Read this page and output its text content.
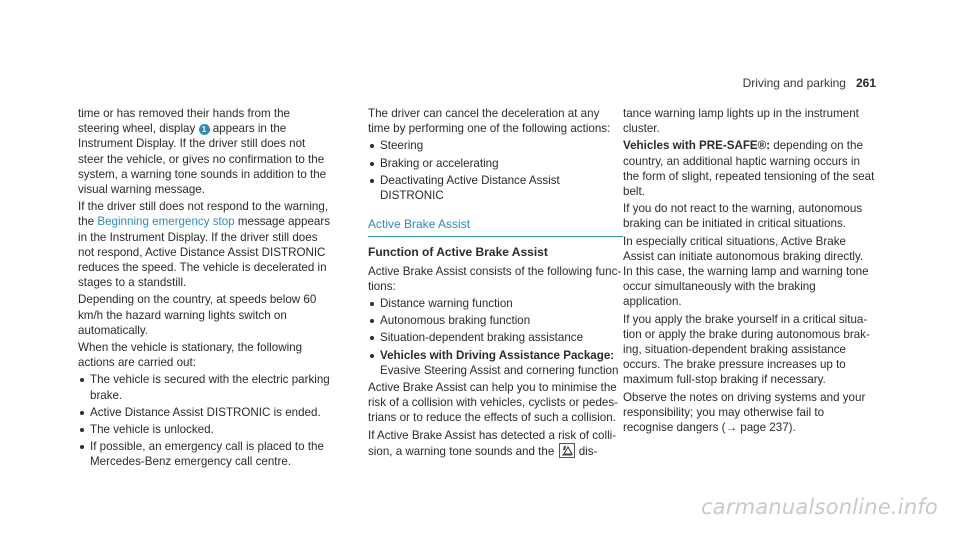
Driving and parking 261

time or has removed their hands from the steering wheel, display 1 appears in the Instrument Display. If the driver still does not steer the vehicle, or gives no confirmation to the system, a warning tone sounds in addition to the visual warning message.

If the driver still does not respond to the warning, the Beginning emergency stop message appears in the Instrument Display. If the driver still does not respond, Active Distance Assist DISTRONIC reduces the speed. The vehicle is decelerated in stages to a standstill.

Depending on the country, at speeds below 60 km/h the hazard warning lights switch on automatically.

When the vehicle is stationary, the following actions are carried out:

The vehicle is secured with the electric parking brake.
Active Distance Assist DISTRONIC is ended.
The vehicle is unlocked.
If possible, an emergency call is placed to the Mercedes-Benz emergency call centre.

The driver can cancel the deceleration at any time by performing one of the following actions:

Steering
Braking or accelerating
Deactivating Active Distance Assist DISTRONIC
Active Brake Assist
Function of Active Brake Assist

Active Brake Assist consists of the following functions:

Distance warning function
Autonomous braking function
Situation-dependent braking assistance
Vehicles with Driving Assistance Package: Evasive Steering Assist and cornering function

Active Brake Assist can help you to minimise the risk of a collision with vehicles, cyclists or pedestrians or to reduce the effects of such a collision.

If Active Brake Assist has detected a risk of collision, a warning tone sounds and the
dis-

tance warning lamp lights up in the instrument cluster.

Vehicles with PRE-SAFE®: depending on the country, an additional haptic warning occurs in the form of slight, repeated tensioning of the seat belt.

If you do not react to the warning, autonomous braking can be initiated in critical situations.

In especially critical situations, Active Brake Assist can initiate autonomous braking directly. In this case, the warning lamp and warning tone occur simultaneously with the braking application.

If you apply the brake yourself in a critical situation or apply the brake during autonomous braking, situation-dependent braking assistance occurs. The brake pressure increases up to maximum full-stop braking if necessary.

Observe the notes on driving systems and your responsibility; you may otherwise fail to recognise dangers (→ page 237).

carmanualsonline.info
